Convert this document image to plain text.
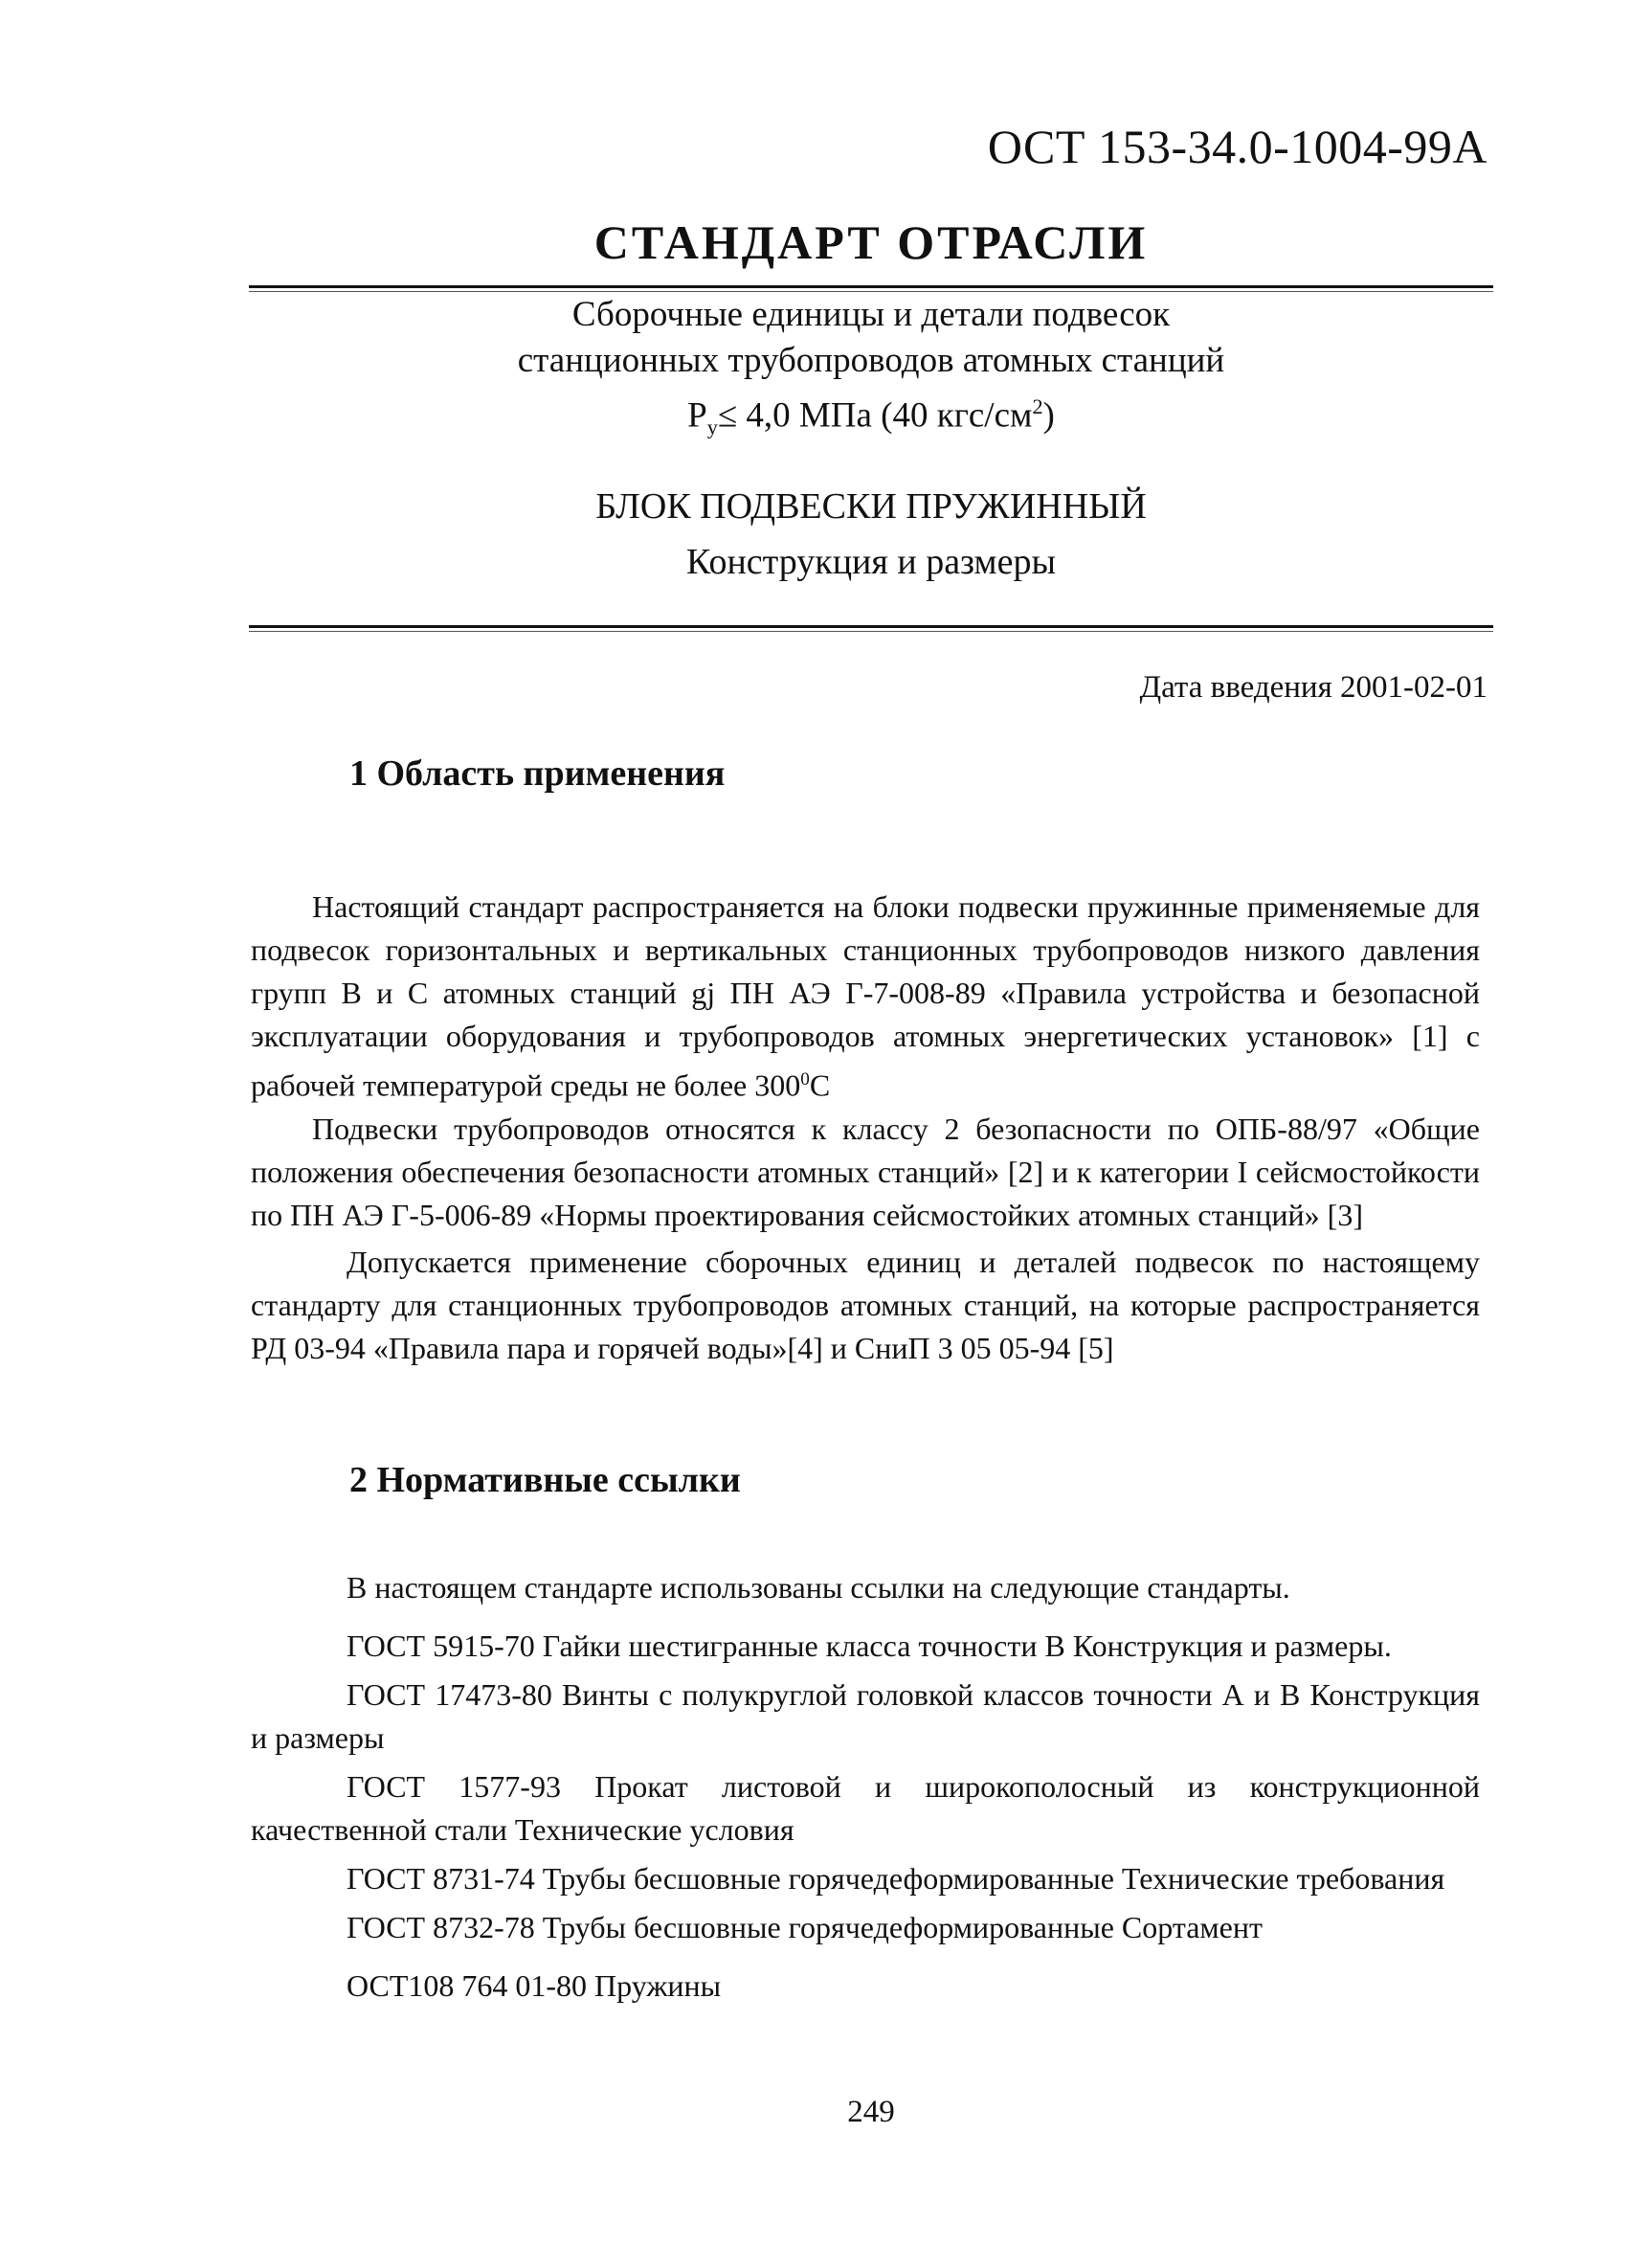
ОСТ 153-34.0-1004-99А
СТАНДАРТ ОТРАСЛИ
Сборочные единицы и детали подвесок
станционных трубопроводов атомных станций
$P_y\le 4,0$ МПа (40 кгс/$см^2$)
БЛОК ПОДВЕСКИ ПРУЖИННЫЙ
Конструкция и размеры
Дата введения 2001-02-01
1 Область применения

Настоящий стандарт распространяется на блоки подвески пружинные применяемые для подвесок горизонтальных и вертикальных станционных трубопроводов низкого давления групп В и С атомных станций gj ПН АЭ Г-7-008-89 «Правила устройства и безопасной эксплуатации оборудования и трубопроводов атомных энергетических установок» [1] с рабочей температурой среды не более $300^0С$

Подвески трубопроводов относятся к классу 2 безопасности по ОПБ-88/97 «Общие положения обеспечения безопасности атомных станций» [2] и к категории I сейсмостойкости по ПН АЭ Г-5-006-89 «Нормы проектирования сейсмостойких атомных станций» [3]

Допускается применение сборочных единиц и деталей подвесок по настоящему стандарту для станционных трубопроводов атомных станций, на которые распространяется РД 03-94 «Правила пара и горячей воды»[4] и СниП 3 05 05-94 [5]

2 Нормативные ссылки

В настоящем стандарте использованы ссылки на следующие стандарты.

ГОСТ 5915-70 Гайки шестигранные класса точности В Конструкция и размеры.

ГОСТ 17473-80 Винты с полукруглой головкой классов точности А и В Конструкция и размеры

ГОСТ 1577-93 Прокат листовой и широкополосный из конструкционной качественной стали Технические условия

ГОСТ 8731-74 Трубы бесшовные горячедеформированные Технические требования

ГОСТ 8732-78 Трубы бесшовные горячедеформированные Сортамент

ОСТ108 764 01-80 Пружины

249
